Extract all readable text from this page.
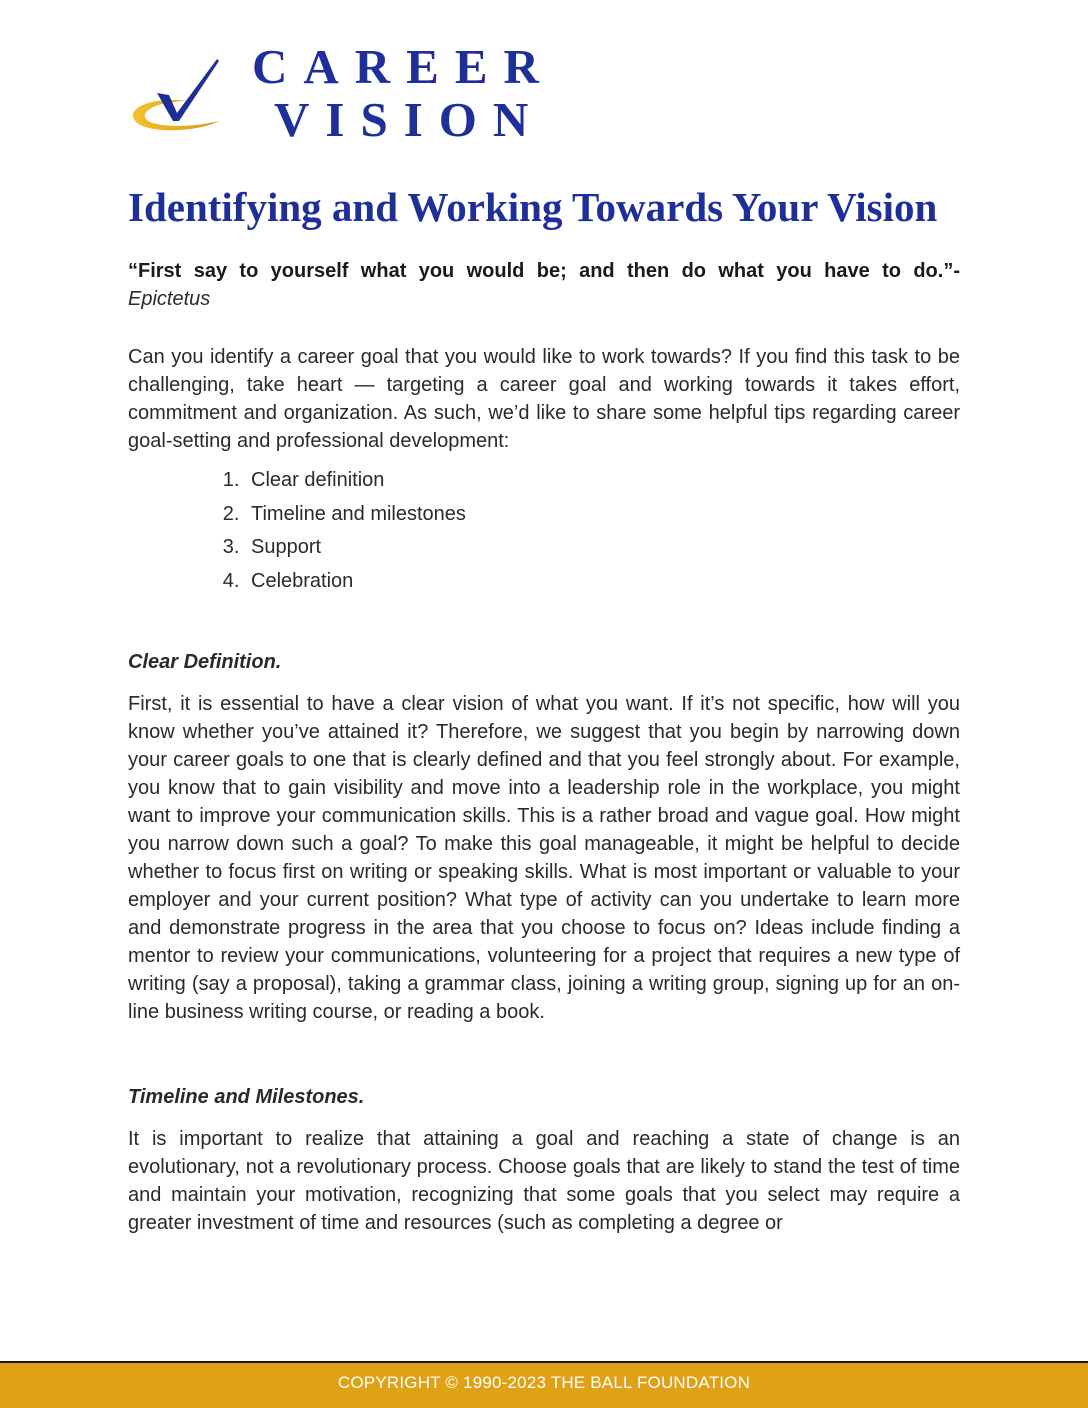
CAREER
VISION
Identifying and Working Towards Your Vision

“First say to yourself what you would be; and then do what you have to do.”-

Epictetus

Can you identify a career goal that you would like to work towards? If you find this task to be challenging, take heart — targeting a career goal and working towards it takes effort, commitment and organization. As such, we’d like to share some helpful tips regarding career goal-setting and professional development:

1. Clear definition
2. Timeline and milestones
3. Support
4. Celebration
Clear Definition.

First, it is essential to have a clear vision of what you want. If it’s not specific, how will you know whether you’ve attained it? Therefore, we suggest that you begin by narrowing down your career goals to one that is clearly defined and that you feel strongly about. For example, you know that to gain visibility and move into a leadership role in the workplace, you might want to improve your communication skills. This is a rather broad and vague goal. How might you narrow down such a goal? To make this goal manageable, it might be helpful to decide whether to focus first on writing or speaking skills. What is most important or valuable to your employer and your current position? What type of activity can you undertake to learn more and demonstrate progress in the area that you choose to focus on? Ideas include finding a mentor to review your communications, volunteering for a project that requires a new type of writing (say a proposal), taking a grammar class, joining a writing group, signing up for an on-line business writing course, or reading a book.

Timeline and Milestones.

It is important to realize that attaining a goal and reaching a state of change is an evolutionary, not a revolutionary process. Choose goals that are likely to stand the test of time and maintain your motivation, recognizing that some goals that you select may require a greater investment of time and resources (such as completing a degree or

COPYRIGHT © 1990-2023 THE BALL FOUNDATION
